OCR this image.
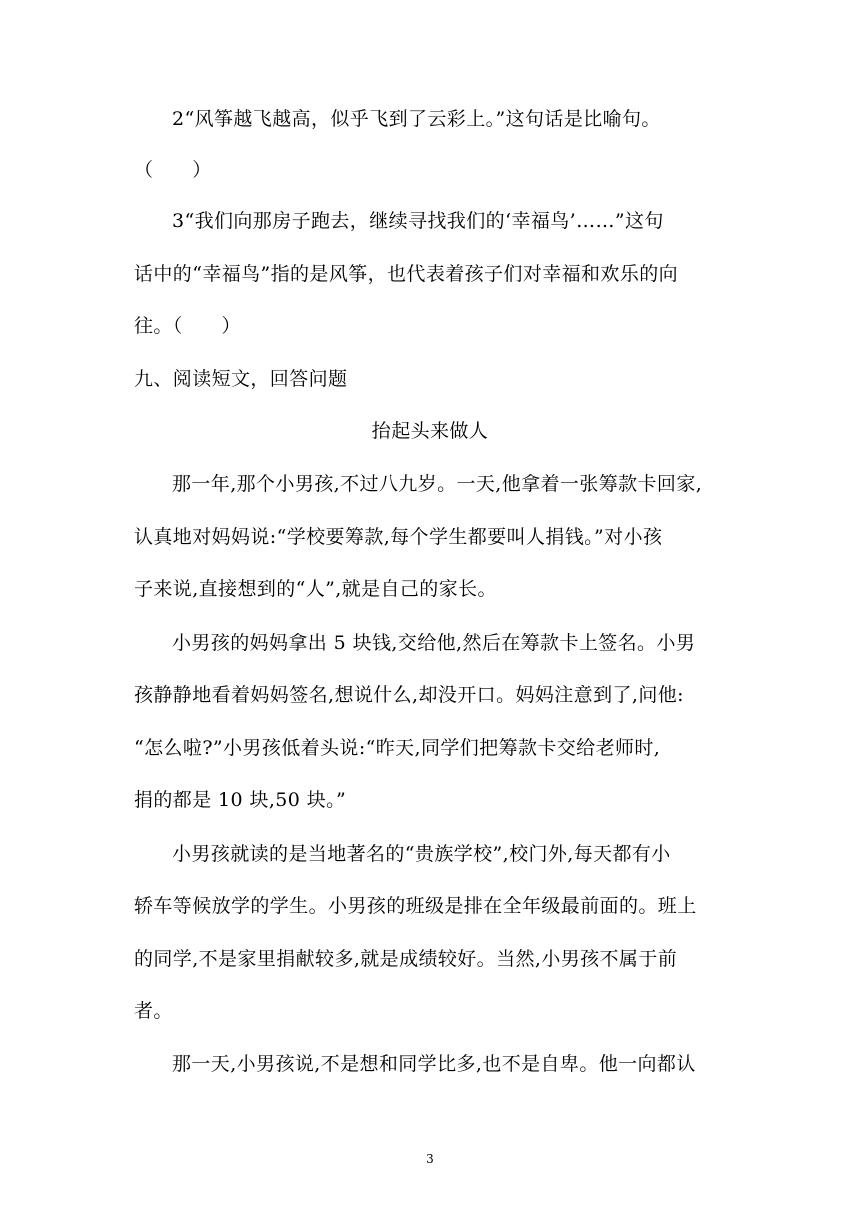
2“风筝越飞越高，似乎飞到了云彩上。”这句话是比喻句。
（　　）
3“我们向那房子跑去，继续寻找我们的‘幸福鸟’……”这句
话中的“幸福鸟”指的是风筝，也代表着孩子们对幸福和欢乐的向
往。（　　）
九、阅读短文，回答问题
抬起头来做人
那一年,那个小男孩,不过八九岁。一天,他拿着一张筹款卡回家,
认真地对妈妈说:“学校要筹款,每个学生都要叫人捐钱。”对小孩
子来说,直接想到的“人”,就是自己的家长。
小男孩的妈妈拿出 5 块钱,交给他,然后在筹款卡上签名。小男
孩静静地看着妈妈签名,想说什么,却没开口。妈妈注意到了,问他:
“怎么啦?”小男孩低着头说:“昨天,同学们把筹款卡交给老师时,
捐的都是 10 块,50 块。”
小男孩就读的是当地著名的“贵族学校”,校门外,每天都有小
轿车等候放学的学生。小男孩的班级是排在全年级最前面的。班上
的同学,不是家里捐献较多,就是成绩较好。当然,小男孩不属于前
者。
那一天,小男孩说,不是想和同学比多,也不是自卑。他一向都认
3
